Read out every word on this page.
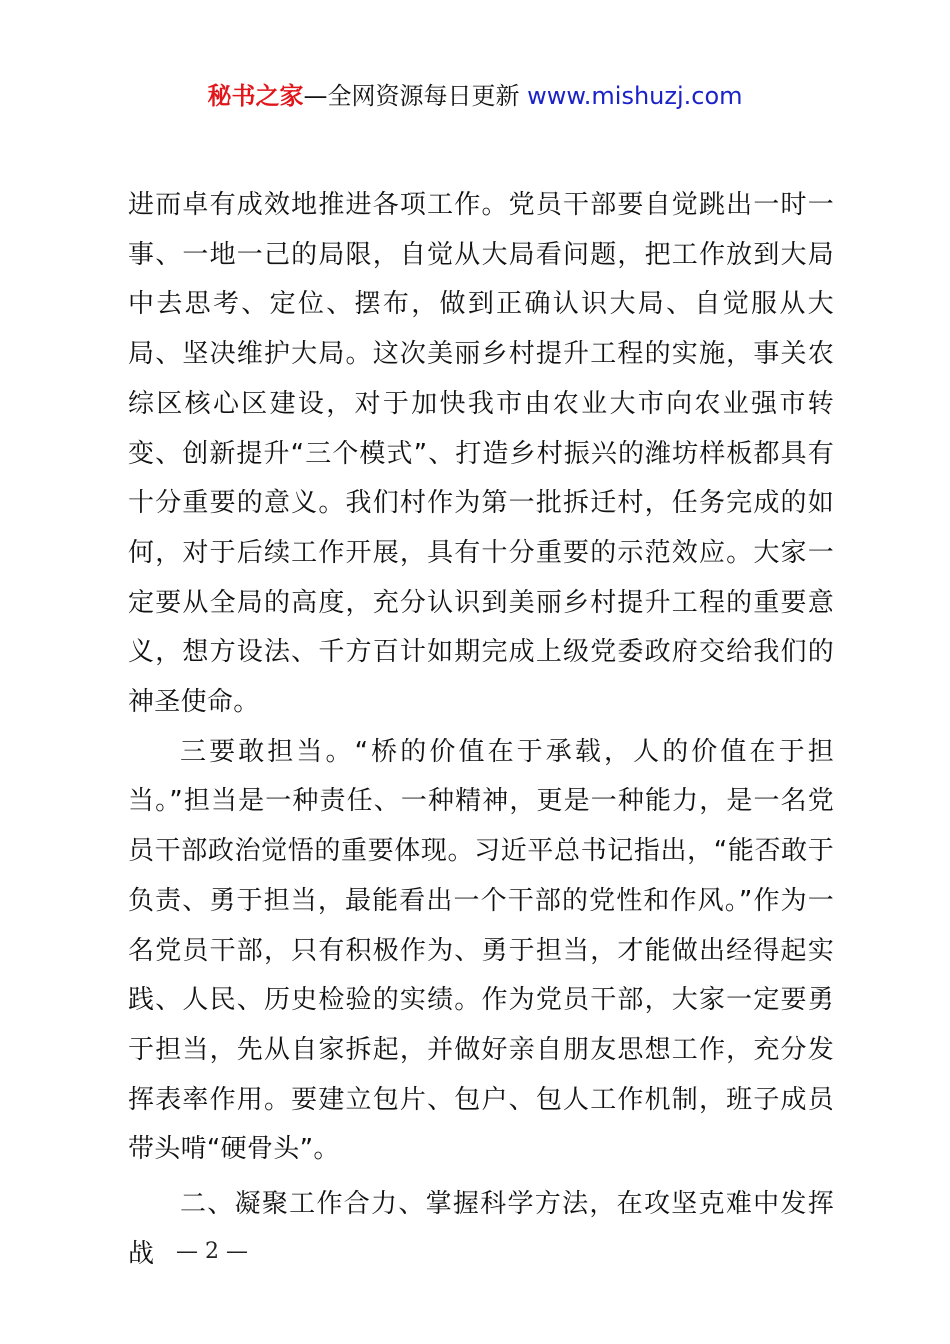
秘书之家—全网资源每日更新 www.mishuzj.com

进而卓有成效地推进各项工作。党员干部要自觉跳出一时一事、一地一己的局限，自觉从大局看问题，把工作放到大局中去思考、定位、摆布，做到正确认识大局、自觉服从大局、坚决维护大局。这次美丽乡村提升工程的实施，事关农综区核心区建设，对于加快我市由农业大市向农业强市转变、创新提升“三个模式”、打造乡村振兴的潍坊样板都具有十分重要的意义。我们村作为第一批拆迁村，任务完成的如何，对于后续工作开展，具有十分重要的示范效应。大家一定要从全局的高度，充分认识到美丽乡村提升工程的重要意义，想方设法、千方百计如期完成上级党委政府交给我们的神圣使命。

三要敢担当。“桥的价值在于承载，人的价值在于担当。”担当是一种责任、一种精神，更是一种能力，是一名党员干部政治觉悟的重要体现。习近平总书记指出，“能否敢于负责、勇于担当，最能看出一个干部的党性和作风。”作为一名党员干部，只有积极作为、勇于担当，才能做出经得起实践、人民、历史检验的实绩。作为党员干部，大家一定要勇于担当，先从自家拆起，并做好亲自朋友思想工作，充分发挥表率作用。要建立包片、包户、包人工作机制，班子成员带头啃“硬骨头”。

二、凝聚工作合力、掌握科学方法，在攻坚克难中发挥战 — 2 —
